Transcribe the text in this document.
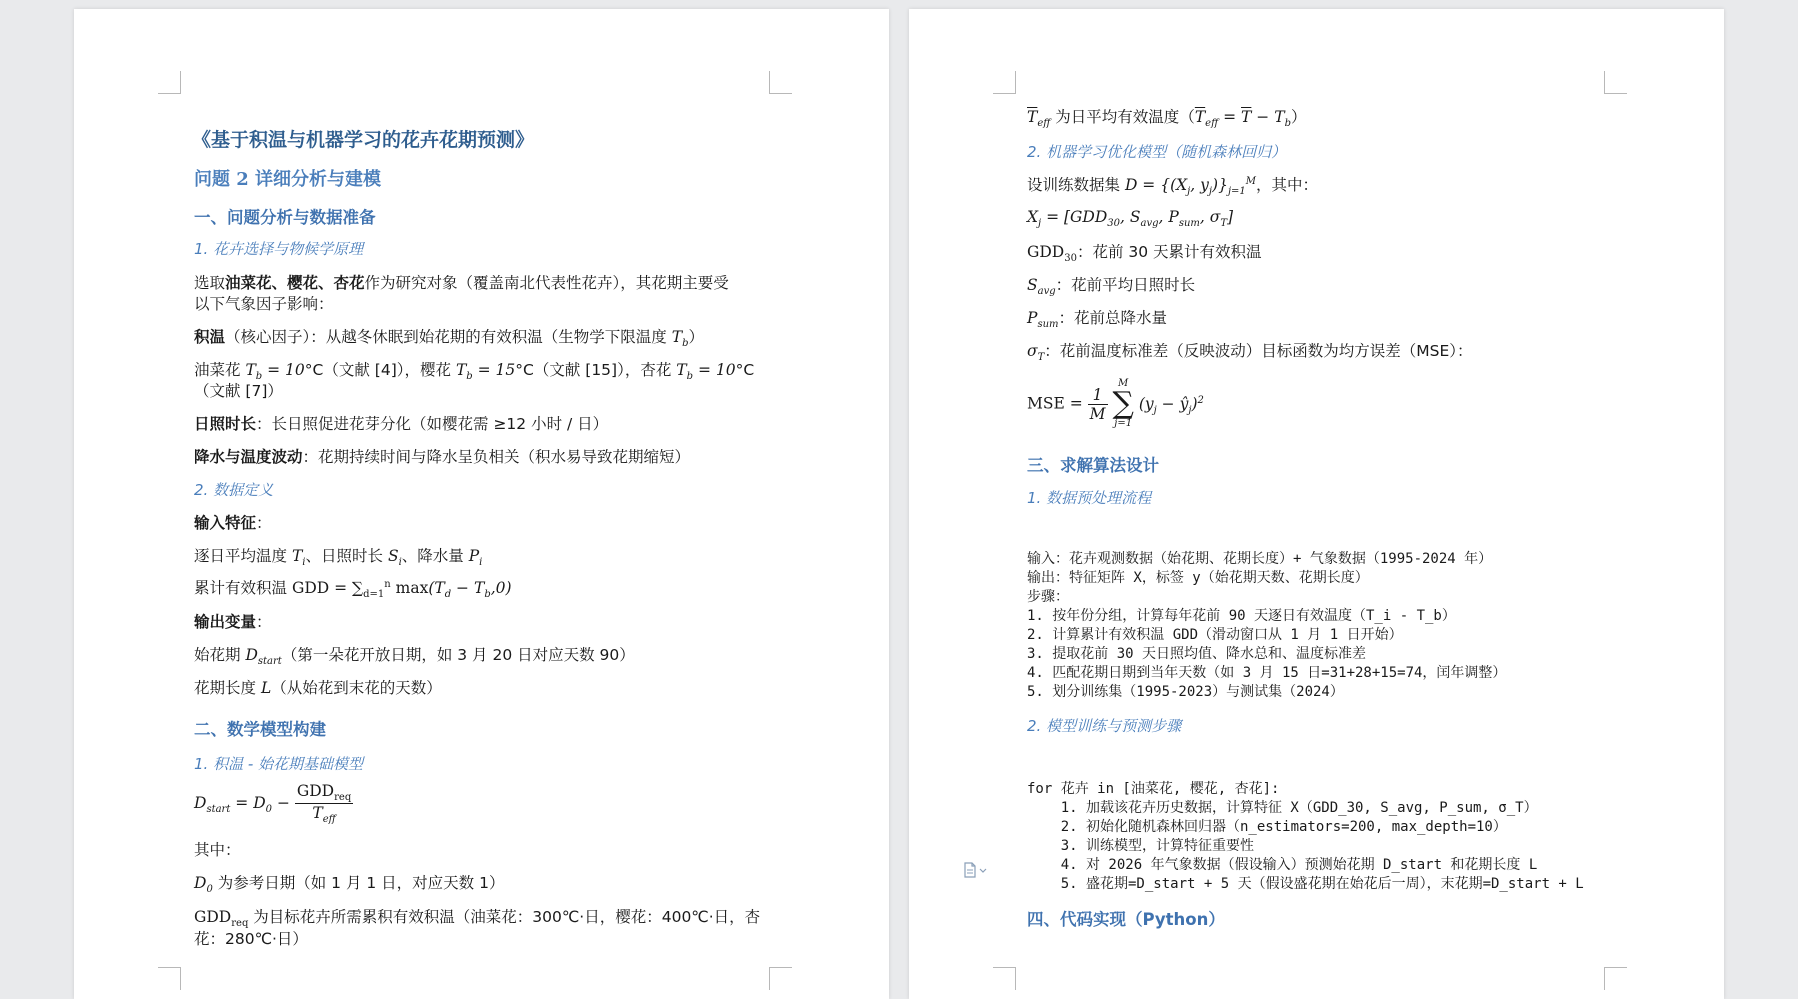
《基于积温与机器学习的花卉花期预测》
问题 2 详细分析与建模
一、问题分析与数据准备
1. 花卉选择与物候学原理
选取油菜花、樱花、杏花作为研究对象（覆盖南北代表性花卉），其花期主要受
以下气象因子影响：
积温（核心因子）：从越冬休眠到始花期的有效积温（生物学下限温度 $T_b$）
油菜花 $T_b = 10^\circ C$（文献 [4]），樱花 $T_b = 15^\circ C$（文献 [15]），杏花 $T_b = 10^\circ C$
（文献 [7]）
日照时长：长日照促进花芽分化（如樱花需 ≥12 小时 / 日）
降水与温度波动：花期持续时间与降水呈负相关（积水易导致花期缩短）
2. 数据定义
输入特征：
逐日平均温度 $T_i$、日照时长 $S_i$、降水量 $P_i$
累计有效积温 GDD = $\sum_{d=1}^n$ $\max(T_d - T_b,0)$
输出变量：
始花期 $D_{start}$（第一朵花开放日期，如 3 月 20 日对应天数 90）
花期长度 L（从始花到末花的天数）
二、数学模型构建
1. 积温 - 始花期基础模型
$D_{start} = D_0 - \frac{GDD_{req}}{\overline{T}_{eff}}$
其中：
$D_0$ 为参考日期（如 1 月 1 日，对应天数 1）
$GDD_{req}$ 为目标花卉所需累积有效积温（油菜花：300℃·日，樱花：400℃·日，杏
花：280℃·日）
$\overline{T}_{eff}$ 为日平均有效温度$(\overline{T}_{eff} = \overline{T} - T_b)$
2. 机器学习优化模型（随机森林回归）
设训练数据集 $D = \{(X_j$, $y_j)\}_{j=1}^M$，其中：
$X_j = [GDD_{30}$, $S_{avg}$, $P_{sum}$, $\sigma_T$]
$GDD_{30}$：花前 30 天累计有效积温
$S_{avg}$：花前平均日照时长
$P_{sum}$：花前总降水量
$\sigma_T$：花前温度标准差（反映波动）目标函数为均方误差（MSE）：
MSE = $\frac{1}{M}$

M
∑
j=1
($y_j$ − $ŷ_j)^2$
三、求解算法设计
1. 数据预处理流程
输入：花卉观测数据（始花期、花期长度）+ 气象数据（1995-2024 年）
输出：特征矩阵 X，标签 y（始花期天数、花期长度）
步骤：
1. 按年份分组，计算每年花前 90 天逐日有效温度（T_i - T_b）
2. 计算累计有效积温 GDD（滑动窗口从 1 月 1 日开始）
3. 提取花前 30 天日照均值、降水总和、温度标准差
4. 匹配花期日期到当年天数（如 3 月 15 日=31+28+15=74，闰年调整）
5. 划分训练集（1995-2023）与测试集（2024）
2. 模型训练与预测步骤
for 花卉 in [油菜花, 樱花, 杏花]:
1. 加载该花卉历史数据，计算特征 X（GDD_30, S_avg, P_sum, σ_T）
2. 初始化随机森林回归器（n_estimators=200, max_depth=10）
3. 训练模型，计算特征重要性
4. 对 2026 年气象数据（假设输入）预测始花期 D_start 和花期长度 L
5. 盛花期=D_start + 5 天（假设盛花期在始花后一周），末花期=D_start + L
四、代码实现（Python）
